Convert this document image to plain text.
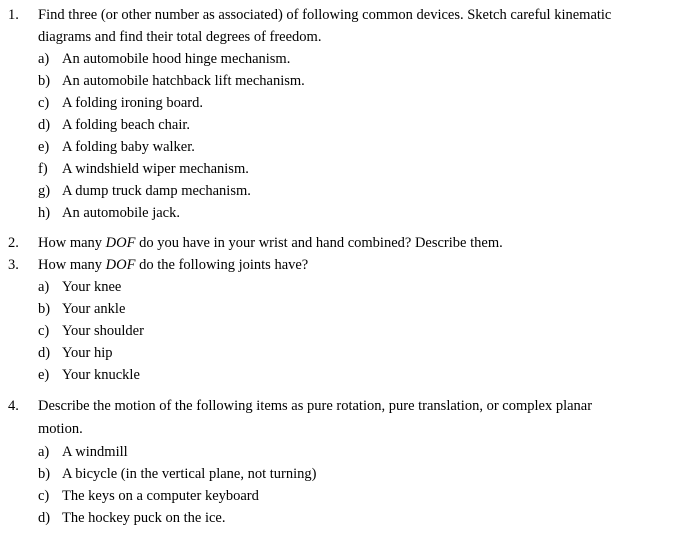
1.	Find three (or other number as associated) of following common devices. Sketch careful kinematic
diagrams and find their total degrees of freedom.
a) An automobile hood hinge mechanism.
b) An automobile hatchback lift mechanism.
c) A folding ironing board.
d) A folding beach chair.
e) A folding baby walker.
f) A windshield wiper mechanism.
g) A dump truck damp mechanism.
h) An automobile jack.
2.	How many DOF do you have in your wrist and hand combined? Describe them.
3.	How many DOF do the following joints have?
a) Your knee
b) Your ankle
c) Your shoulder
d) Your hip
e) Your knuckle
4.	Describe the motion of the following items as pure rotation, pure translation, or complex planar
motion.
a) A windmill
b) A bicycle (in the vertical plane, not turning)
c) The keys on a computer keyboard
d) The hockey puck on the ice.
